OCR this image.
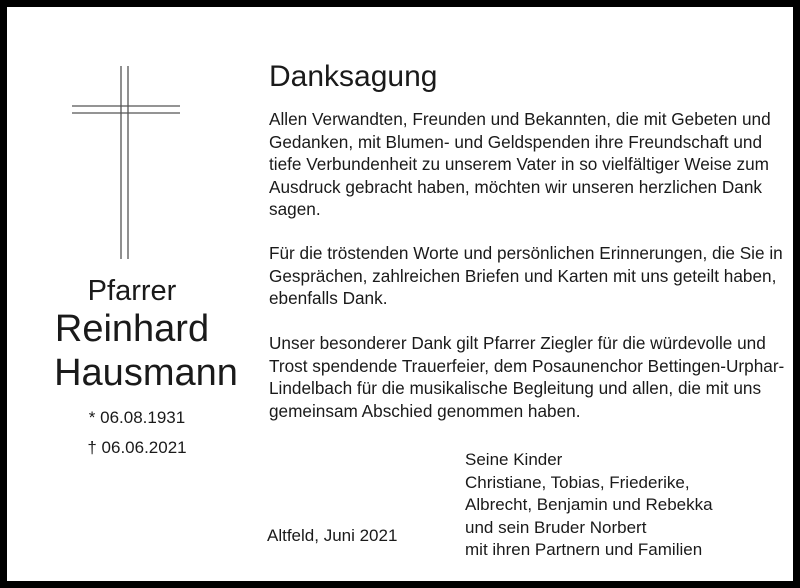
Pfarrer
Reinhard
Hausmann
* 06.08.1931
† 06.06.2021
Danksagung

Allen Verwandten, Freunden und Bekannten, die mit Gebeten und Gedanken, mit Blumen- und Geldspenden ihre Freundschaft und tiefe Verbundenheit zu unserem Vater in so vielfältiger Weise zum Ausdruck gebracht haben, möchten wir unseren herzlichen Dank sagen.

Für die tröstenden Worte und persönlichen Erinnerungen, die Sie in Gesprächen, zahlreichen Briefen und Karten mit uns geteilt haben, ebenfalls Dank.

Unser besonderer Dank gilt Pfarrer Ziegler für die würdevolle und Trost spendende Trauerfeier, dem Posaunenchor Bettingen-Urphar-Lindelbach für die musikalische Begleitung und allen, die mit uns gemeinsam Abschied genommen haben.

Altfeld, Juni 2021
Seine Kinder
Christiane, Tobias, Friederike,
Albrecht, Benjamin und Rebekka
und sein Bruder Norbert
mit ihren Partnern und Familien
